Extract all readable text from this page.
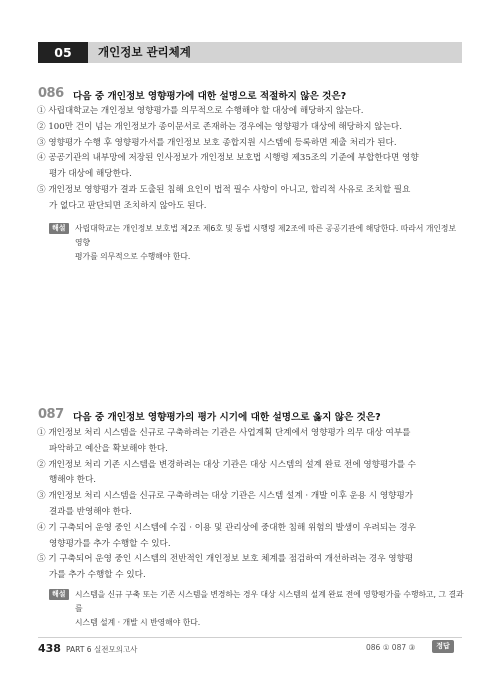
05	개인정보 관리체계
086 다음 중 개인정보 영향평가에 대한 설명으로 적절하지 않은 것은?
① 사립대학교는 개인정보 영향평가를 의무적으로 수행해야 할 대상에 해당하지 않는다.
② 100만 건이 넘는 개인정보가 종이문서로 존재하는 경우에는 영향평가 대상에 해당하지 않는다.
③ 영향평가 수행 후 영향평가서를 개인정보 보호 종합지원 시스템에 등록하면 제출 처리가 된다.
④ 공공기관의 내부망에 저장된 인사정보가 개인정보 보호법 시행령 제35조의 기준에 부합한다면 영향
평가 대상에 해당한다.
⑤ 개인정보 영향평가 결과 도출된 침해 요인이 법적 필수 사항이 아니고, 합리적 사유로 조치할 필요
가 없다고 판단되면 조치하지 않아도 된다.
해설	사립대학교는 개인정보 보호법 제2조 제6호 및 동법 시행령 제2조에 따른 공공기관에 해당한다. 따라서 개인정보 영향
평가를 의무적으로 수행해야 한다.
087 다음 중 개인정보 영향평가의 평가 시기에 대한 설명으로 옳지 않은 것은?
① 개인정보 처리 시스템을 신규로 구축하려는 기관은 사업계획 단계에서 영향평가 의무 대상 여부를
파악하고 예산을 확보해야 한다.
② 개인정보 처리 기존 시스템을 변경하려는 대상 기관은 대상 시스템의 설계 완료 전에 영향평가를 수
행해야 한다.
③ 개인정보 처리 시스템을 신규로 구축하려는 대상 기관은 시스템 설계 · 개발 이후 운용 시 영향평가
결과를 반영해야 한다.
④ 기 구축되어 운영 중인 시스템에 수집 · 이용 및 관리상에 중대한 침해 위험의 발생이 우려되는 경우
영향평가를 추가 수행할 수 있다.
⑤ 기 구축되어 운영 중인 시스템의 전반적인 개인정보 보호 체계를 점검하여 개선하려는 경우 영향평
가를 추가 수행할 수 있다.
해설	시스템을 신규 구축 또는 기존 시스템을 변경하는 경우 대상 시스템의 설계 완료 전에 영향평가를 수행하고, 그 결과를
시스템 설계 · 개발 시 반영해야 한다.
438 PART 6 실전모의고사	086 ① 087 ③	정답
